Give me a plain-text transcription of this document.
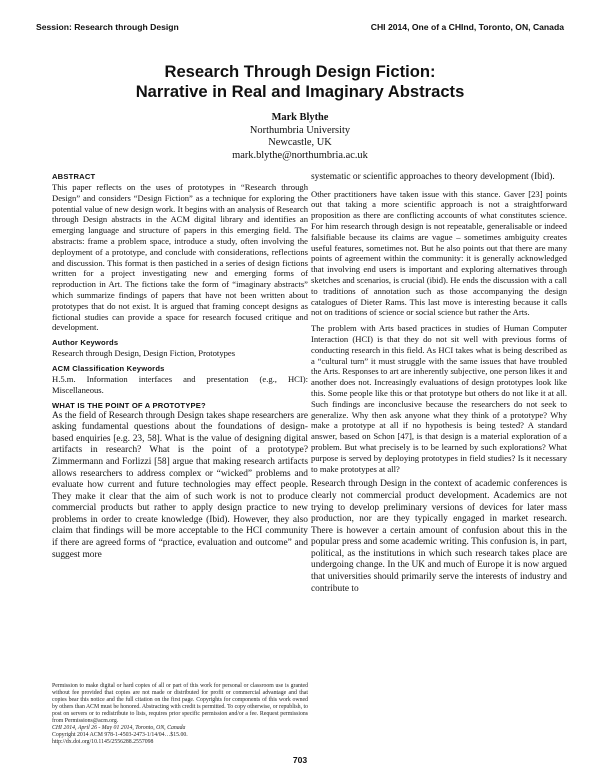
Session: Research through Design	CHI 2014, One of a CHInd, Toronto, ON, Canada
Research Through Design Fiction:
Narrative in Real and Imaginary Abstracts
Mark Blythe
Northumbria University
Newcastle, UK
mark.blythe@northumbria.ac.uk
ABSTRACT

This paper reflects on the uses of prototypes in “Research through Design” and considers “Design Fiction” as a technique for exploring the potential value of new design work. It begins with an analysis of Research through Design abstracts in the ACM digital library and identifies an emerging language and structure of papers in this emerging field. The abstracts: frame a problem space, introduce a study, often involving the deployment of a prototype, and conclude with considerations, reflections and discussion. This format is then pastiched in a series of design fictions written for a project investigating new and emerging forms of reproduction in Art. The fictions take the form of “imaginary abstracts” which summarize findings of papers that have not been written about prototypes that do not exist. It is argued that framing concept designs as fictional studies can provide a space for research focused critique and development.

Author Keywords

Research through Design, Design Fiction, Prototypes

ACM Classification Keywords

H.5.m. Information interfaces and presentation (e.g., HCI): Miscellaneous.

WHAT IS THE POINT OF A PROTOTYPE?

As the field of Research through Design takes shape researchers are asking fundamental questions about the foundations of design-based enquiries [e.g. 23, 58]. What is the value of designing digital artifacts in research? What is the point of a prototype? Zimmermann and Forlizzi [58] argue that making research artifacts allows researchers to address complex or “wicked” problems and evaluate how current and future technologies may effect people. They make it clear that the aim of such work is not to produce commercial products but rather to apply design practice to new problems in order to create knowledge (Ibid). However, they also claim that findings will be more acceptable to the HCI community if there are agreed forms of “practice, evaluation and outcome” and suggest more

Permission to make digital or hard copies of all or part of this work for personal or classroom use is granted without fee provided that copies are not made or distributed for profit or commercial advantage and that copies bear this notice and the full citation on the first page. Copyrights for components of this work owned by others than ACM must be honored. Abstracting with credit is permitted. To copy otherwise, or republish, to post on servers or to redistribute to lists, requires prior specific permission and/or a fee. Request permissions from Permissions@acm.org.
CHI 2014, April 26 - May 01 2014, Toronto, ON, Canada
Copyright 2014 ACM 978-1-4503-2473-1/14/04…$15.00.
http://dx.doi.org/10.1145/2556288.2557098

systematic or scientific approaches to theory development (Ibid).

Other practitioners have taken issue with this stance. Gaver [23] points out that taking a more scientific approach is not a straightforward proposition as there are conflicting accounts of what constitutes science. For him research through design is not repeatable, generalisable or indeed falsifiable because its claims are vague – sometimes ambiguity creates useful features, sometimes not. But he also points out that there are many points of agreement within the community: it is generally acknowledged that involving end users is important and exploring alternatives through sketches and scenarios, is crucial (ibid). He ends the discussion with a call to traditions of annotation such as those accompanying the design catalogues of Dieter Rams. This last move is interesting because it calls not on traditions of science or social science but rather the Arts.

The problem with Arts based practices in studies of Human Computer Interaction (HCI) is that they do not sit well with previous forms of conducting research in this field. As HCI takes what is being described as a “cultural turn” it must struggle with the same issues that have troubled the Arts. Responses to art are inherently subjective, one person likes it and another does not. Increasingly evaluations of design prototypes look like this. Some people like this or that prototype but others do not like it at all. Such findings are inconclusive because the researchers do not seek to generalize. Why then ask anyone what they think of a prototype? Why make a prototype at all if no hypothesis is being tested? A standard answer, based on Schon [47], is that design is a material exploration of a problem. But what precisely is to be learned by such explorations? What purpose is served by deploying prototypes in field studies? Is it necessary to make prototypes at all?

Research through Design in the context of academic conferences is clearly not commercial product development. Academics are not trying to develop preliminary versions of devices for later mass production, nor are they typically engaged in market research. There is however a certain amount of confusion about this in the popular press and some academic writing. This confusion is, in part, political, as the institutions in which such research takes place are undergoing change. In the UK and much of Europe it is now argued that universities should primarily serve the interests of industry and contribute to

703
